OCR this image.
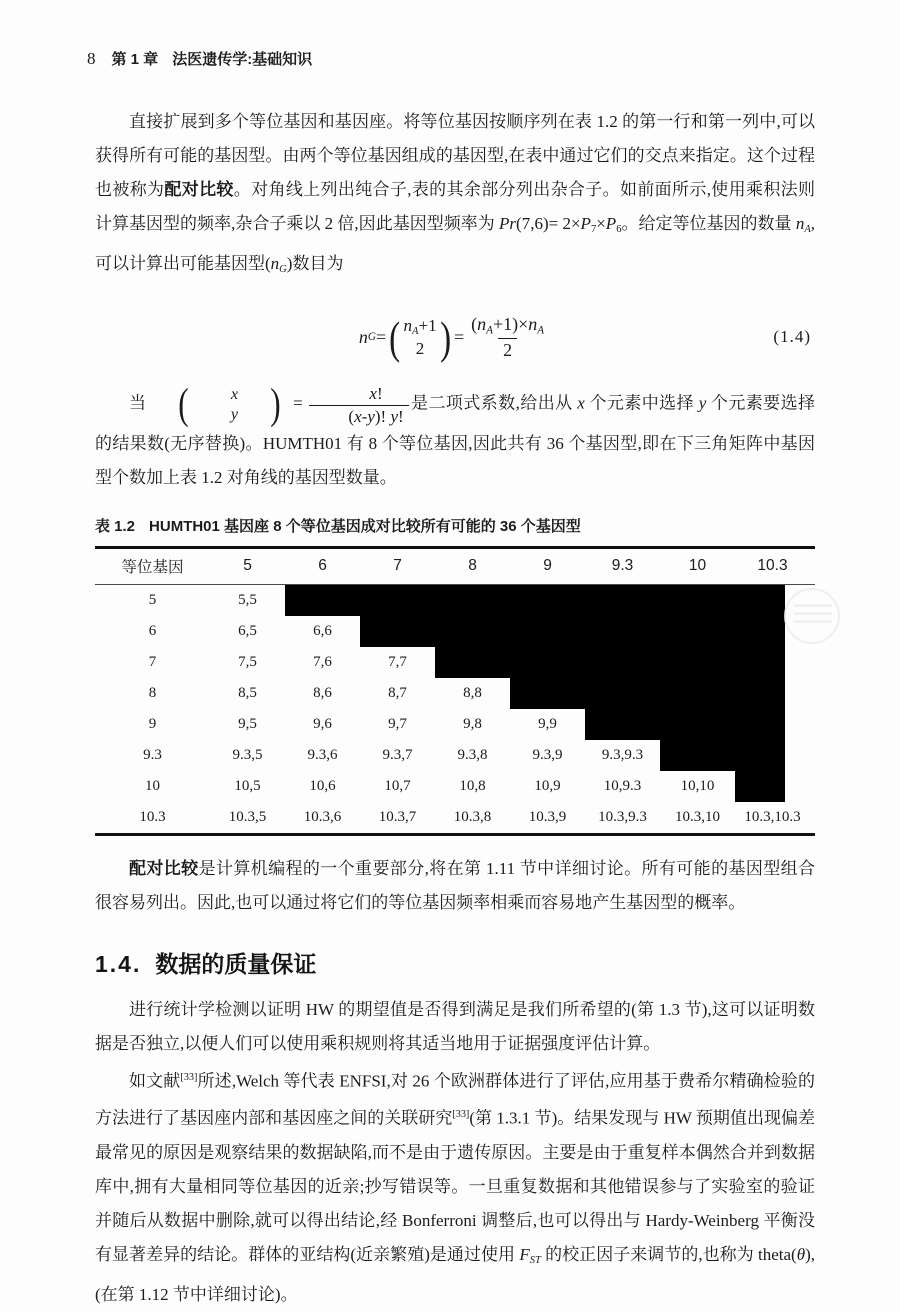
8 第 1 章 法医遗传学:基础知识

直接扩展到多个等位基因和基因座。将等位基因按顺序列在表 1.2 的第一行和第一列中,可以获得所有可能的基因型。由两个等位基因组成的基因型,在表中通过它们的交点来指定。这个过程也被称为配对比较。对角线上列出纯合子,表的其余部分列出杂合子。如前面所示,使用乘积法则计算基因型的频率,杂合子乘以 2 倍,因此基因型频率为 Pr(7,6)= 2×P7×P6。给定等位基因的数量 nA,可以计算出可能基因型(nG)数目为

n G = ( nA+1
2 ) = $\frac{(nA+1)\times nA}{2}$	(1.4)

当 (	x
y ) = $\frac{x!}{(x-y)! y!}$ 是二项式系数,给出从 x 个元素中选择 y 个元素要选择的结果数(无序替换)。HUMTH01 有 8 个等位基因,因此共有 36 个基因型,即在下三角矩阵中基因型个数加上表 1.2 对角线的基因型数量。

表 1.2 HUMTH01 基因座 8 个等位基因成对比较所有可能的 36 个基因型
等位基因	5	6	7	8	9	9.3	10	10.3
5	5,5
6	6,5	6,6
7	7,5	7,6	7,7
8	8,5	8,6	8,7	8,8
9	9,5	9,6	9,7	9,8	9,9
9.3	9.3,5	9.3,6	9.3,7	9.3,8	9.3,9	9.3,9.3
10	10,5	10,6	10,7	10,8	10,9	10,9.3	10,10
10.3	10.3,5	10.3,6	10.3,7	10.3,8	10.3,9	10.3,9.3	10.3,10	10.3,10.3

配对比较是计算机编程的一个重要部分,将在第 1.11 节中详细讨论。所有可能的基因型组合很容易列出。因此,也可以通过将它们的等位基因频率相乘而容易地产生基因型的概率。

1.4. 数据的质量保证

进行统计学检测以证明 HW 的期望值是否得到满足是我们所希望的(第 1.3 节),这可以证明数据是否独立,以便人们可以使用乘积规则将其适当地用于证据强度评估计算。

如文献[33]所述,Welch 等代表 ENFSI,对 26 个欧洲群体进行了评估,应用基于费希尔精确检验的方法进行了基因座内部和基因座之间的关联研究[33](第 1.3.1 节)。结果发现与 HW 预期值出现偏差最常见的原因是观察结果的数据缺陷,而不是由于遗传原因。主要是由于重复样本偶然合并到数据库中,拥有大量相同等位基因的近亲;抄写错误等。一旦重复数据和其他错误参与了实验室的验证并随后从数据中删除,就可以得出结论,经 Bonferroni 调整后,也可以得出与 Hardy-Weinberg 平衡没有显著差异的结论。群体的亚结构(近亲繁殖)是通过使用 FST 的校正因子来调节的,也称为 theta(θ),(在第 1.12 节中详细讨论)。
